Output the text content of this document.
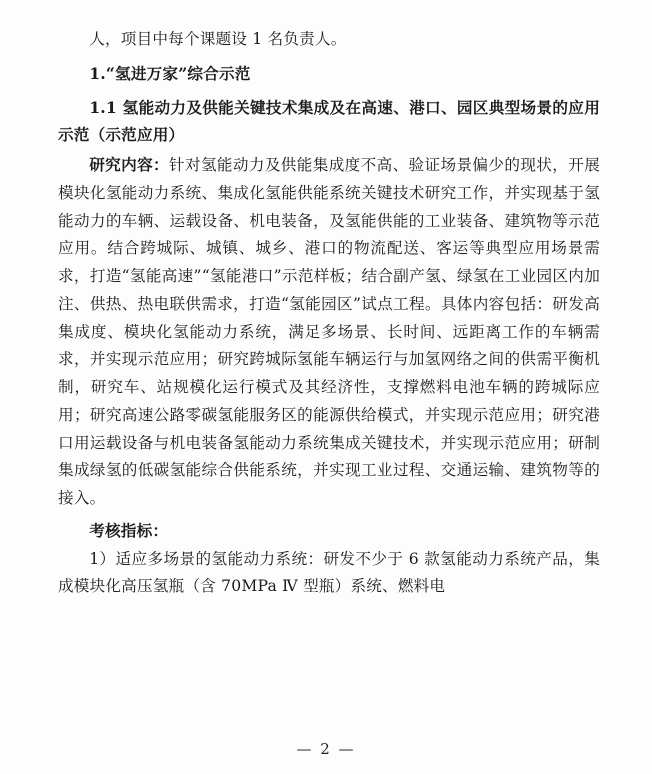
人，项目中每个课题设 1 名负责人。

1.“氢进万家”综合示范

1.1 氢能动力及供能关键技术集成及在高速、港口、园区典型场景的应用示范（示范应用）

研究内容：针对氢能动力及供能集成度不高、验证场景偏少的现状，开展模块化氢能动力系统、集成化氢能供能系统关键技术研究工作，并实现基于氢能动力的车辆、运载设备、机电装备，及氢能供能的工业装备、建筑物等示范应用。结合跨城际、城镇、城乡、港口的物流配送、客运等典型应用场景需求，打造“氢能高速”“氢能港口”示范样板；结合副产氢、绿氢在工业园区内加注、供热、热电联供需求，打造“氢能园区”试点工程。具体内容包括：研发高集成度、模块化氢能动力系统，满足多场景、长时间、远距离工作的车辆需求，并实现示范应用；研究跨城际氢能车辆运行与加氢网络之间的供需平衡机制，研究车、站规模化运行模式及其经济性，支撑燃料电池车辆的跨城际应用；研究高速公路零碳氢能服务区的能源供给模式，并实现示范应用；研究港口用运载设备与机电装备氢能动力系统集成关键技术，并实现示范应用；研制集成绿氢的低碳氢能综合供能系统，并实现工业过程、交通运输、建筑物等的接入。

考核指标：

1）适应多场景的氢能动力系统：研发不少于 6 款氢能动力系统产品，集成模块化高压氢瓶（含 70MPa Ⅳ 型瓶）系统、燃料电

— 2 —
